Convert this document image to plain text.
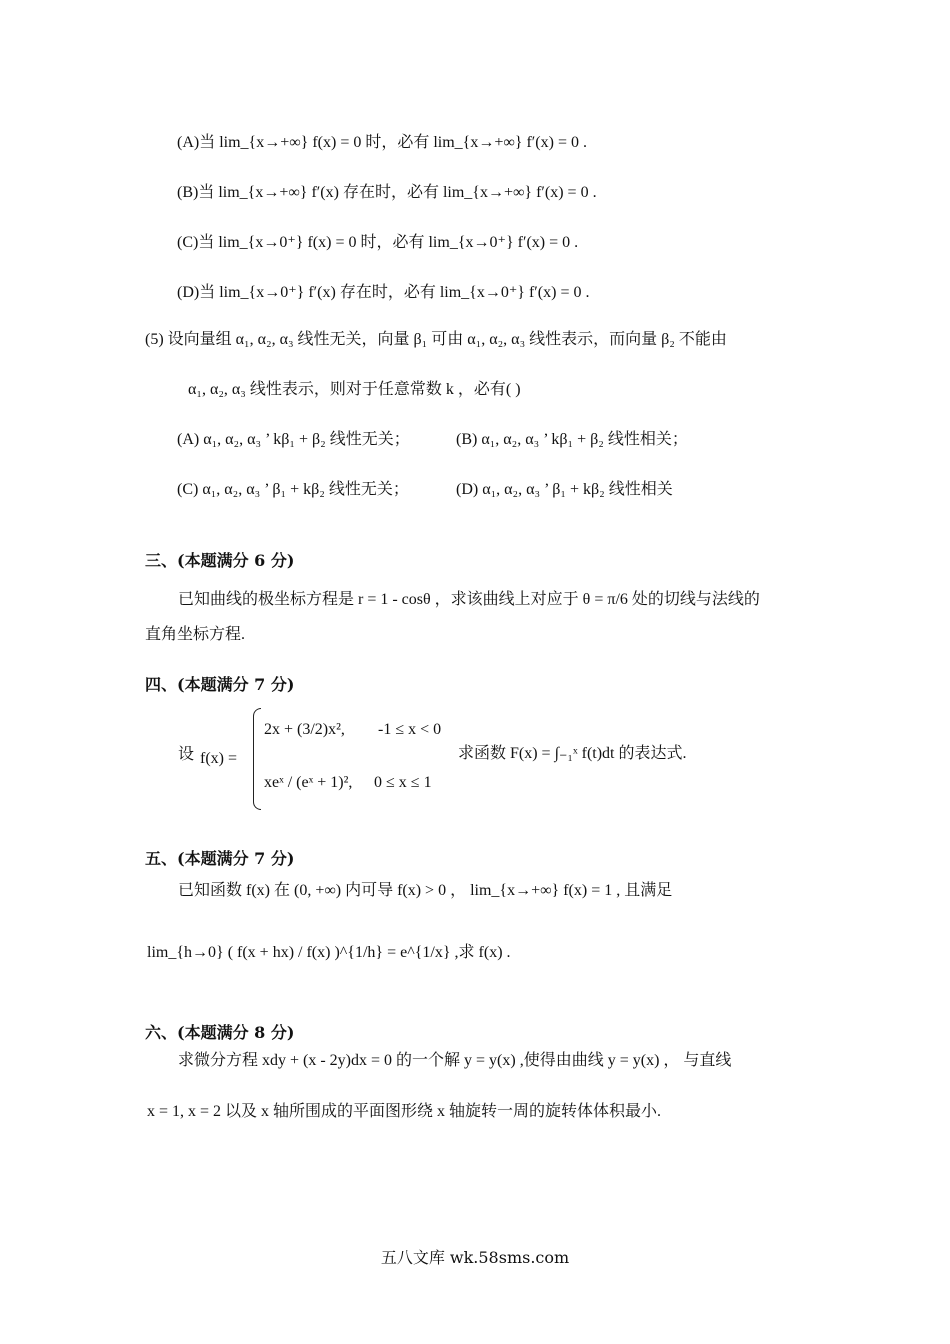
(A)当 lim_{x→+∞} f(x) = 0 时，必有 lim_{x→+∞} f′(x) = 0 .
(B)当 lim_{x→+∞} f′(x) 存在时，必有 lim_{x→+∞} f′(x) = 0 .
(C)当 lim_{x→0⁺} f(x) = 0 时，必有 lim_{x→0⁺} f′(x) = 0 .
(D)当 lim_{x→0⁺} f′(x) 存在时，必有 lim_{x→0⁺} f′(x) = 0 .
(5) 设向量组 α₁, α₂, α₃ 线性无关，向量 β₁ 可由 α₁, α₂, α₃ 线性表示，而向量 β₂ 不能由
α₁, α₂, α₃ 线性表示，则对于任意常数 k ，必有( )
(A) α₁, α₂, α₃ ’ kβ₁ + β₂ 线性无关；	(B) α₁, α₂, α₃ ’ kβ₁ + β₂ 线性相关；
(C) α₁, α₂, α₃ ’ β₁ + kβ₂ 线性无关；	(D) α₁, α₂, α₃ ’ β₁ + kβ₂ 线性相关
三、(本题满分 6 分)
已知曲线的极坐标方程是 r = 1 - cosθ ，求该曲线上对应于 θ = π/6 处的切线与法线的
直角坐标方程.
四、(本题满分 7 分)
设 f(x) =
2x + (3/2)x², -1 ≤ x < 0
xeˣ / (eˣ + 1)², 0 ≤ x ≤ 1
求函数 F(x) = ∫₋₁ˣ f(t)dt 的表达式.
五、(本题满分 7 分)
已知函数 f(x) 在 (0, +∞) 内可导 f(x) > 0 ， lim_{x→+∞} f(x) = 1 , 且满足
lim_{h→0} ( f(x + hx) / f(x) )^{1/h} = e^{1/x} ,求 f(x) .
六、(本题满分 8 分)
求微分方程 xdy + (x - 2y)dx = 0 的一个解 y = y(x) ,使得由曲线 y = y(x) ， 与直线
x = 1, x = 2 以及 x 轴所围成的平面图形绕 x 轴旋转一周的旋转体体积最小.
五八文库 wk.58sms.com
